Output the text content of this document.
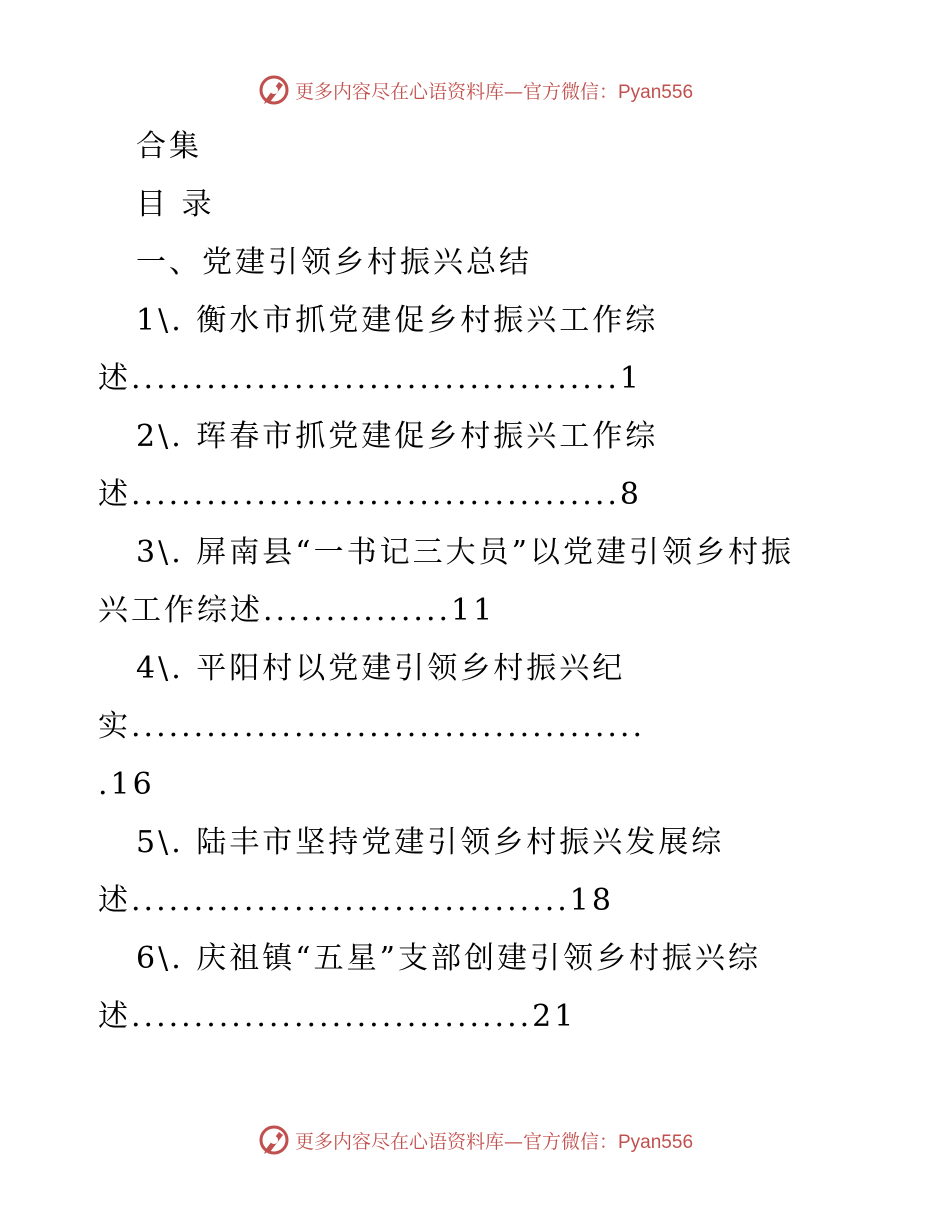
更多内容尽在心语资料库—官方微信：Pyan556
合集
目 录
一、党建引领乡村振兴总结
1\. 衡水市抓党建促乡村振兴工作综
述.......................................1
2\. 珲春市抓党建促乡村振兴工作综
述.......................................8
3\. 屏南县“一书记三大员”以党建引领乡村振
兴工作综述...............11
4\. 平阳村以党建引领乡村振兴纪
实.........................................
.16
5\. 陆丰市坚持党建引领乡村振兴发展综
述...................................18
6\. 庆祖镇“五星”支部创建引领乡村振兴综
述................................21
更多内容尽在心语资料库—官方微信：Pyan556
